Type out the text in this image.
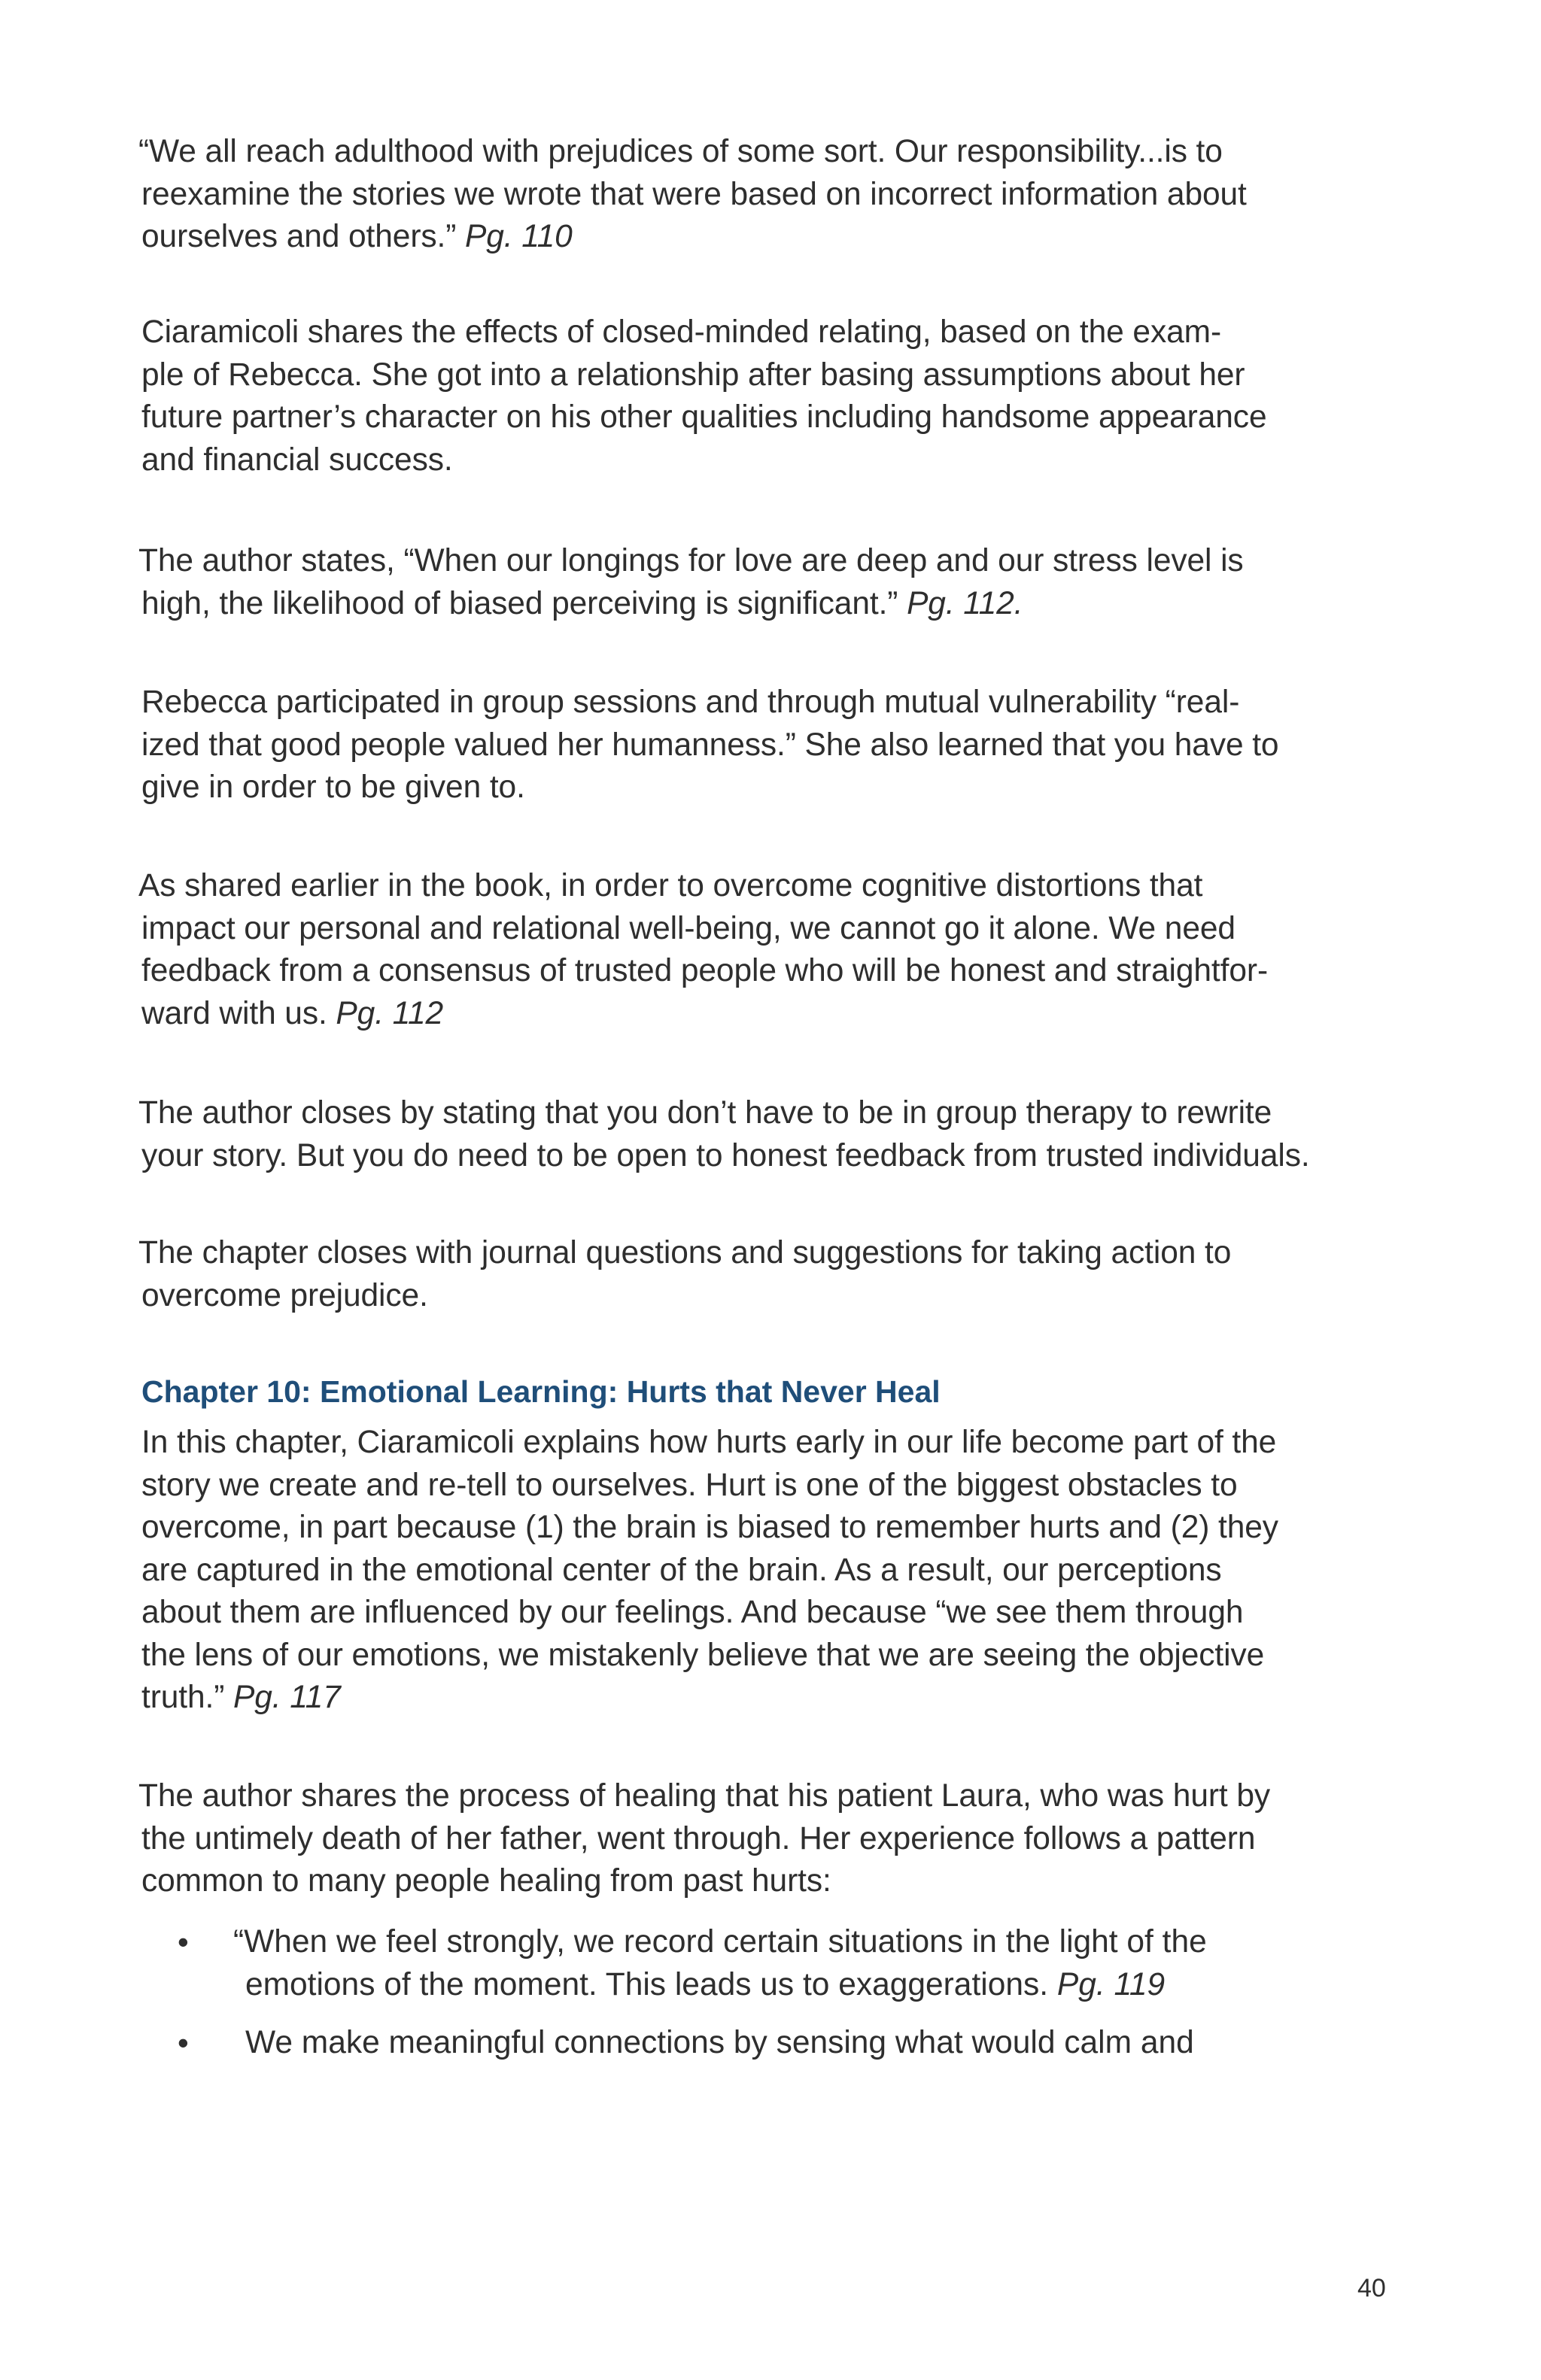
“We all reach adulthood with prejudices of some sort. Our responsibility...is to
reexamine the stories we wrote that were based on incorrect information about
ourselves and others.” Pg. 110
Ciaramicoli shares the effects of closed-minded relating, based on the exam-
ple of Rebecca. She got into a relationship after basing assumptions about her
future partner’s character on his other qualities including handsome appearance
and financial success.
The author states, “When our longings for love are deep and our stress level is
high, the likelihood of biased perceiving is significant.” Pg. 112.
Rebecca participated in group sessions and through mutual vulnerability “real-
ized that good people valued her humanness.” She also learned that you have to
give in order to be given to.
As shared earlier in the book, in order to overcome cognitive distortions that
impact our personal and relational well-being, we cannot go it alone. We need
feedback from a consensus of trusted people who will be honest and straightfor-
ward with us. Pg. 112
The author closes by stating that you don’t have to be in group therapy to rewrite
your story. But you do need to be open to honest feedback from trusted individuals.
The chapter closes with journal questions and suggestions for taking action to
overcome prejudice.
Chapter 10: Emotional Learning: Hurts that Never Heal
In this chapter, Ciaramicoli explains how hurts early in our life become part of the
story we create and re-tell to ourselves. Hurt is one of the biggest obstacles to
overcome, in part because (1) the brain is biased to remember hurts and (2) they
are captured in the emotional center of the brain. As a result, our perceptions
about them are influenced by our feelings. And because “we see them through
the lens of our emotions, we mistakenly believe that we are seeing the objective
truth.” Pg. 117
The author shares the process of healing that his patient Laura, who was hurt by
the untimely death of her father, went through. Her experience follows a pattern
common to many people healing from past hurts:
•	“When we feel strongly, we record certain situations in the light of the
emotions of the moment. This leads us to exaggerations. Pg. 119
•	We make meaningful connections by sensing what would calm and
40
